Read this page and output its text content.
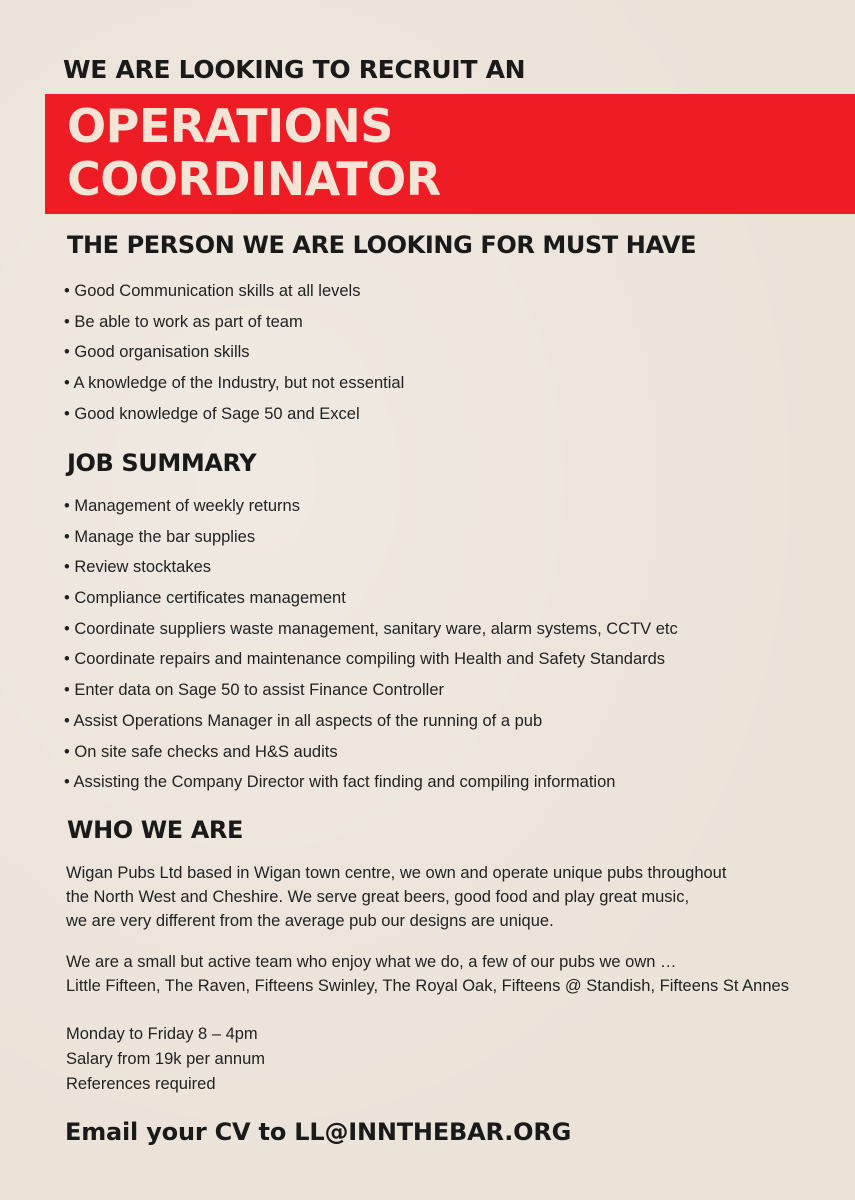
WE ARE LOOKING TO RECRUIT AN

OPERATIONS
COORDINATOR
THE PERSON WE ARE LOOKING FOR MUST HAVE
• Good Communication skills at all levels
• Be able to work as part of team
• Good organisation skills
• A knowledge of the Industry, but not essential
• Good knowledge of Sage 50 and Excel
JOB SUMMARY
• Management of weekly returns
• Manage the bar supplies
• Review stocktakes
• Compliance certificates management
• Coordinate suppliers waste management, sanitary ware, alarm systems, CCTV etc
• Coordinate repairs and maintenance compiling with Health and Safety Standards
• Enter data on Sage 50 to assist Finance Controller
• Assist Operations Manager in all aspects of the running of a pub
• On site safe checks and H&S audits
• Assisting the Company Director with fact finding and compiling information
WHO WE ARE

Wigan Pubs Ltd based in Wigan town centre, we own and operate unique pubs throughout
the North West and Cheshire. We serve great beers, good food and play great music,
we are very different from the average pub our designs are unique.

We are a small but active team who enjoy what we do, a few of our pubs we own …
Little Fifteen, The Raven, Fifteens Swinley, The Royal Oak, Fifteens @ Standish, Fifteens St Annes

Monday to Friday 8 – 4pm
Salary from 19k per annum
References required

Email your CV to LL@INNTHEBAR.ORG
